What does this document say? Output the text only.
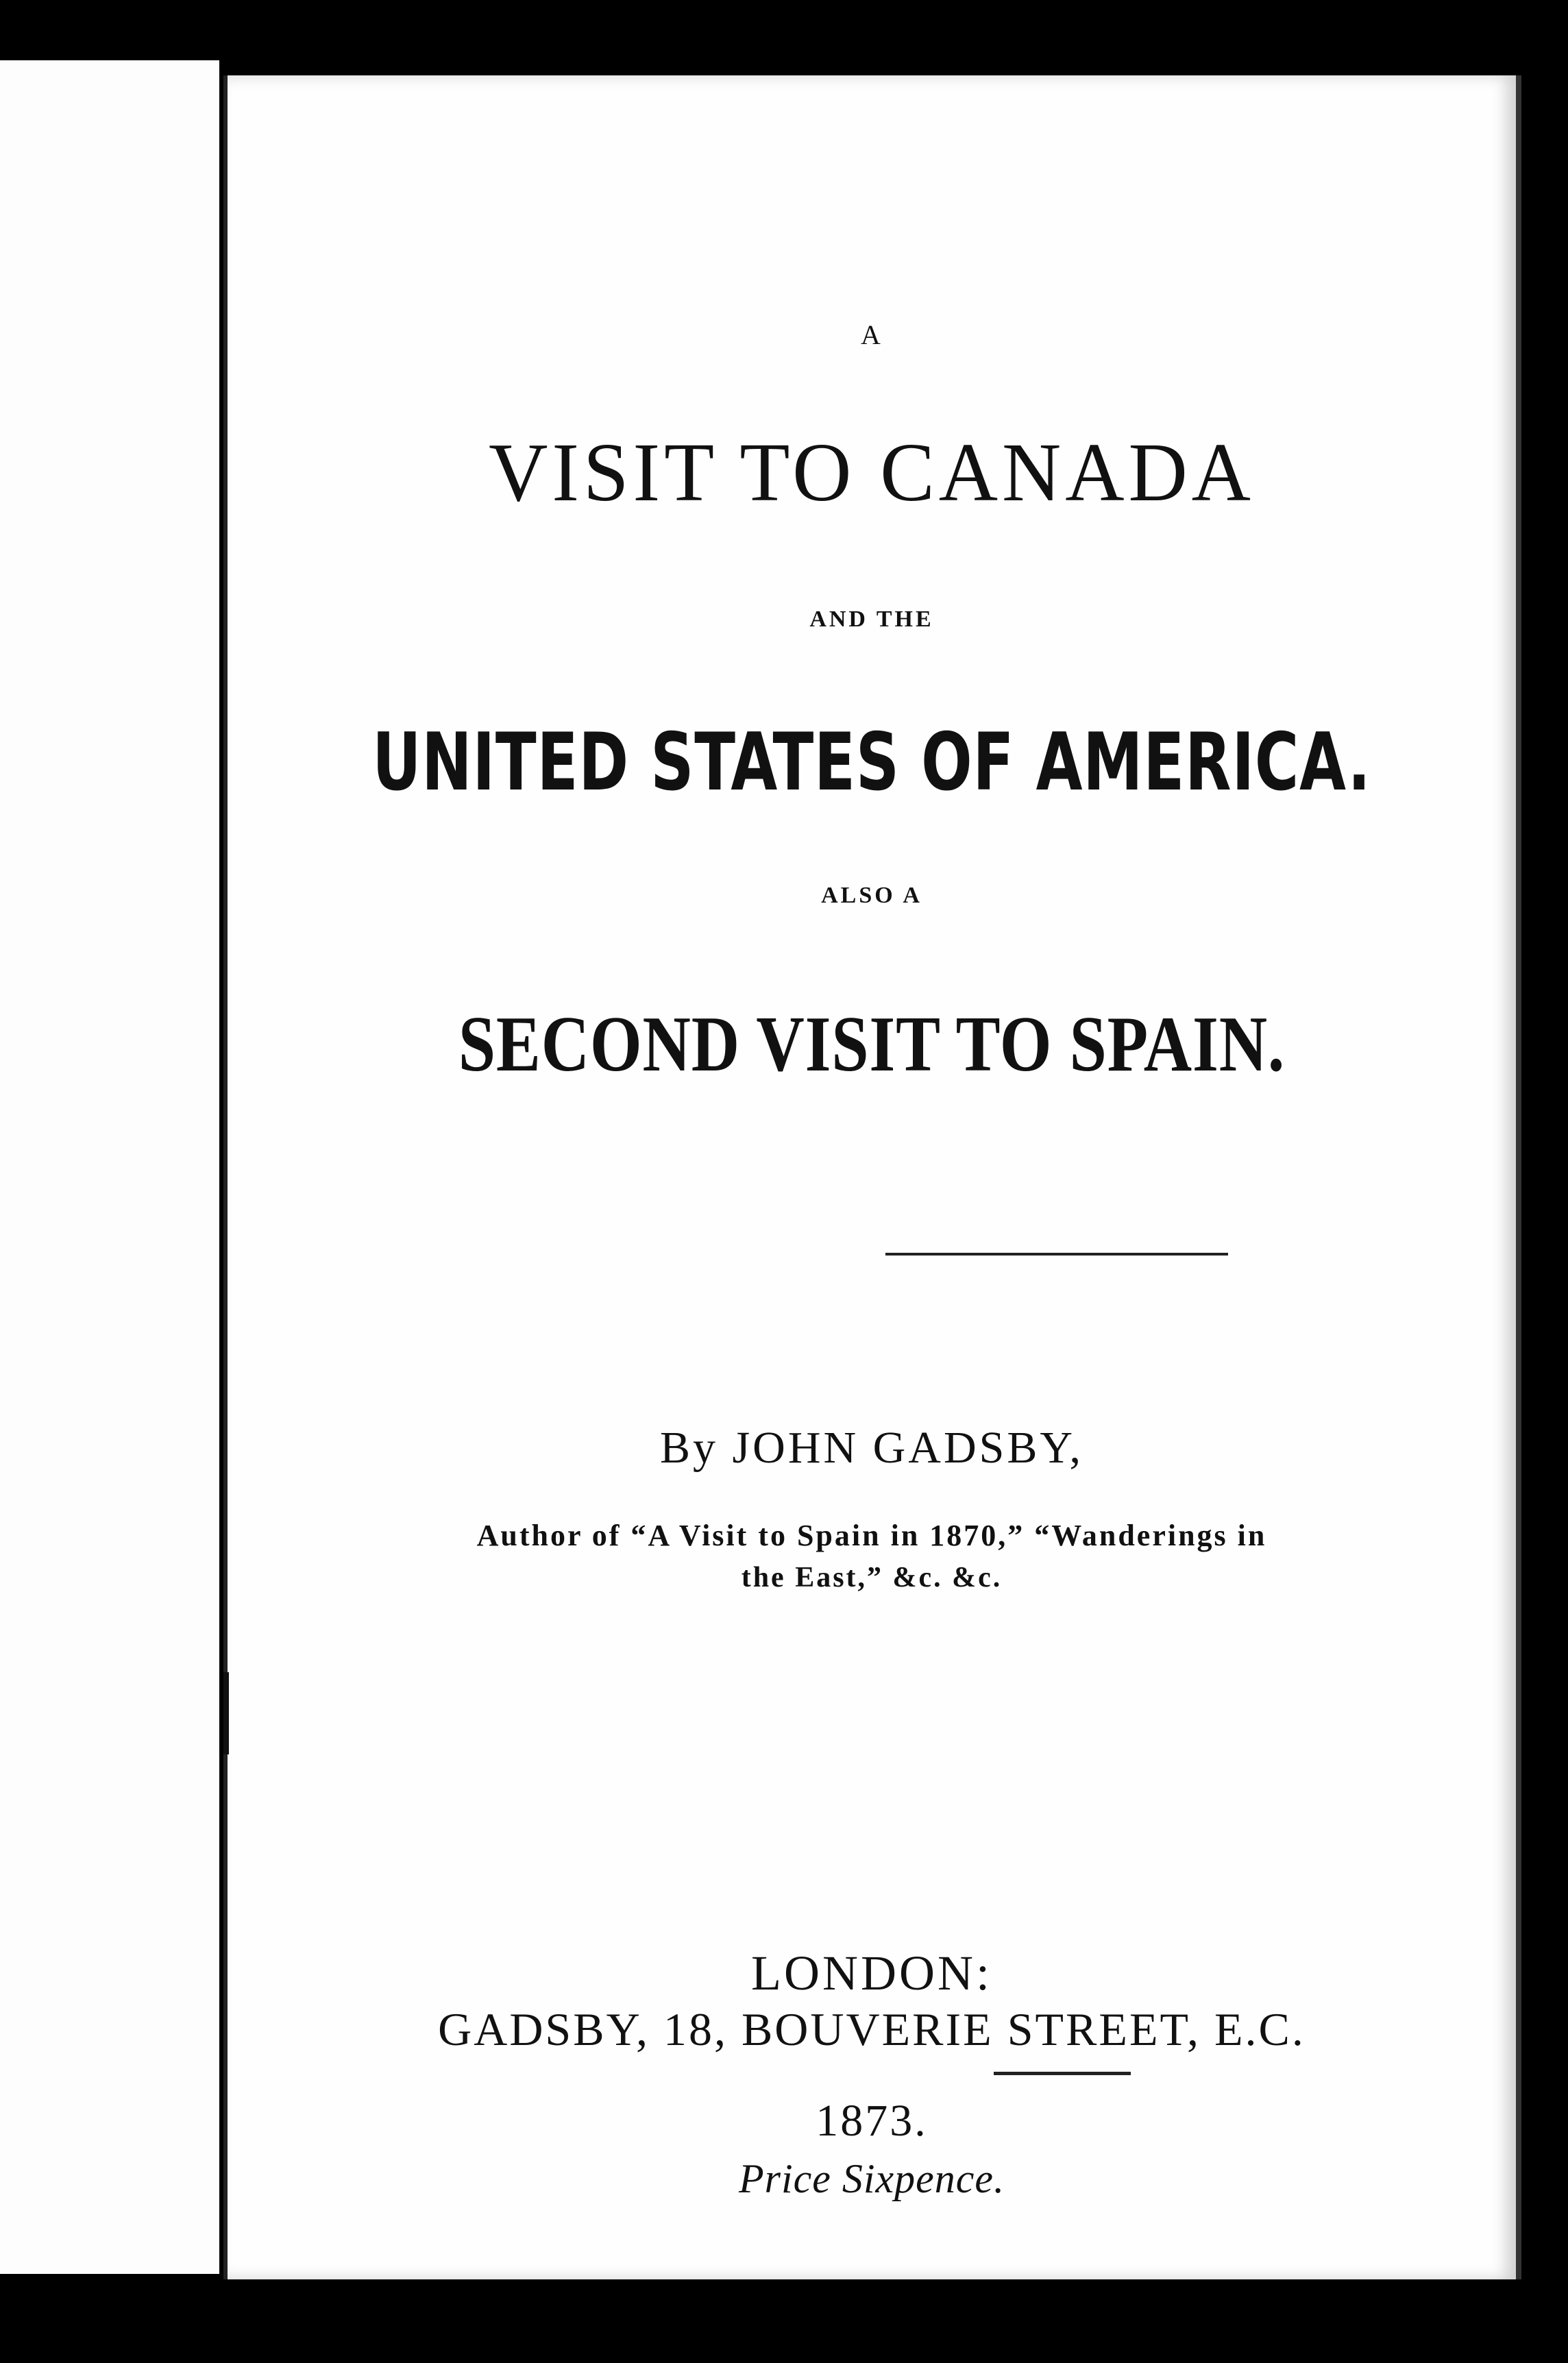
A
VISIT TO CANADA
AND THE
UNITED STATES OF AMERICA.
ALSO A
SECOND VISIT TO SPAIN.
By JOHN GADSBY,
Author of “A Visit to Spain in 1870,” “Wanderings in
the East,” &c. &c.
LONDON:
GADSBY, 18, BOUVERIE STREET, E.C.
1873.
Price Sixpence.
